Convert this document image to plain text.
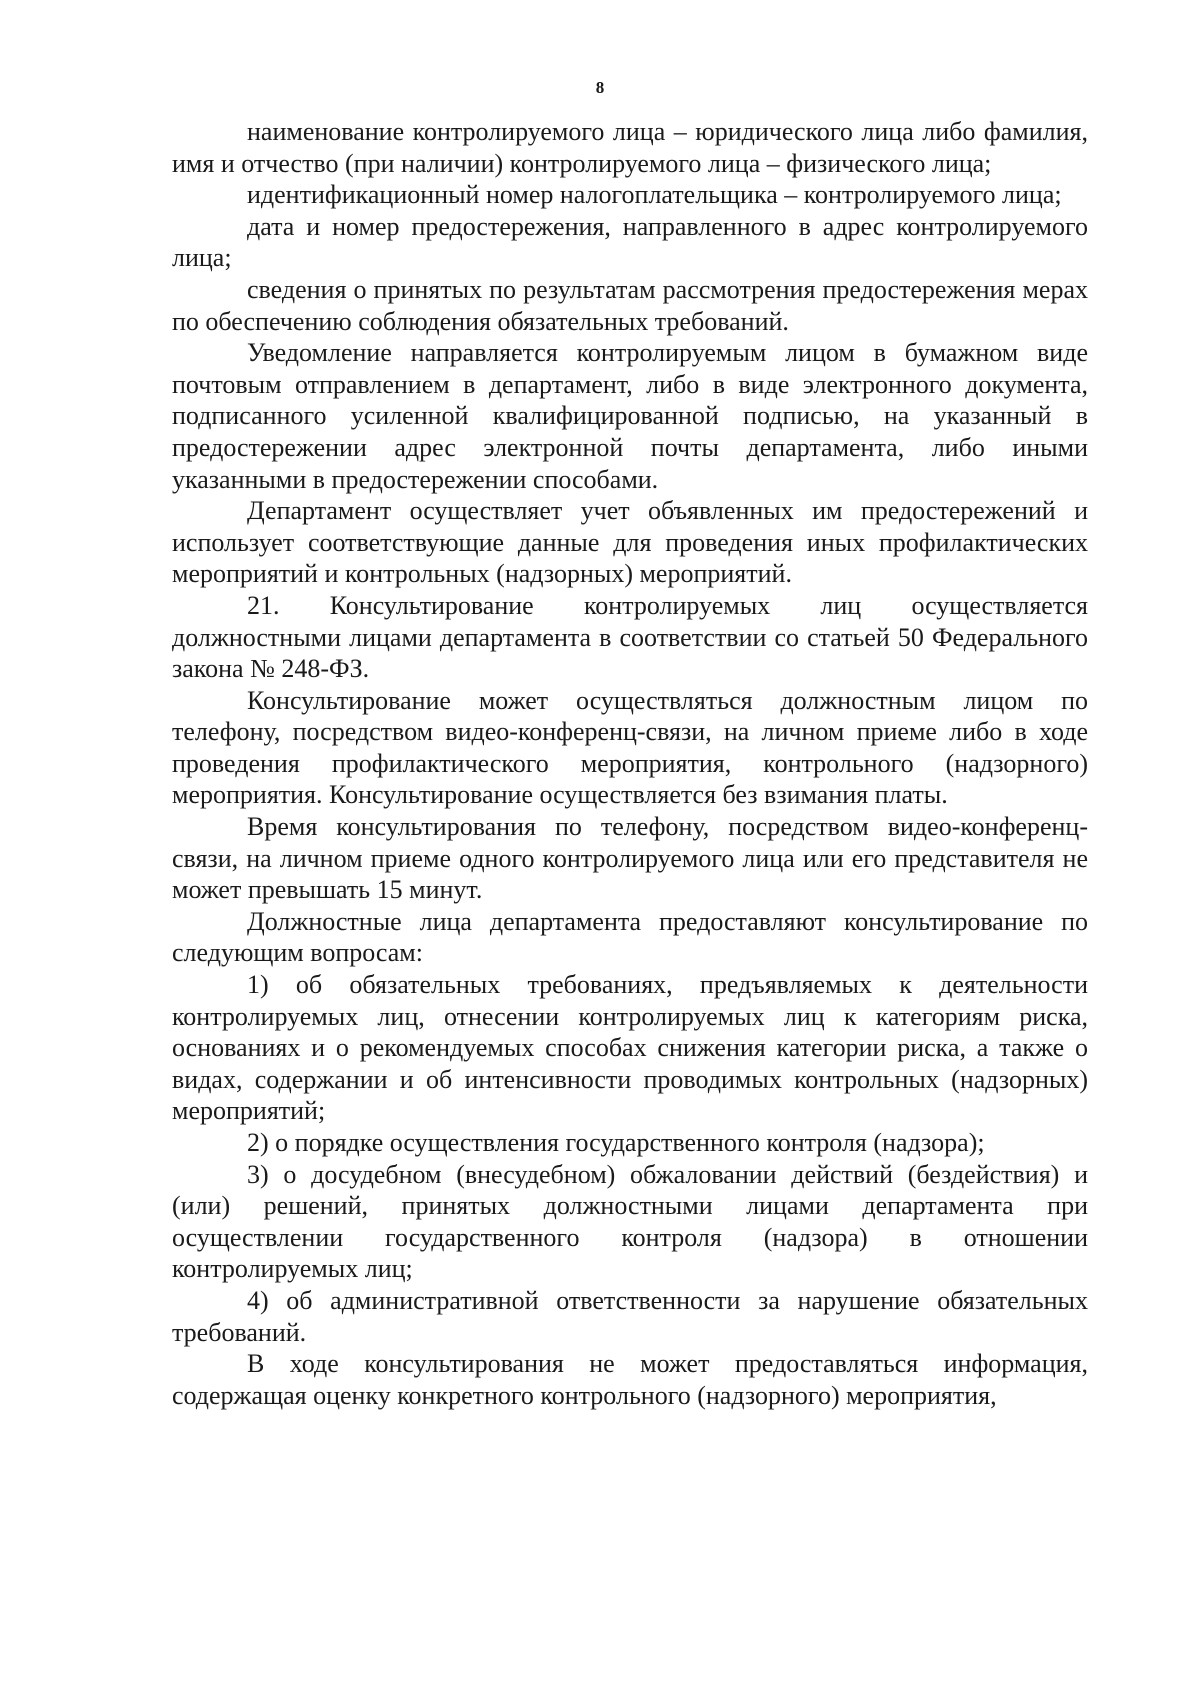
8

наименование контролируемого лица – юридического лица либо фамилия, имя и отчество (при наличии) контролируемого лица – физического лица;

идентификационный номер налогоплательщика – контролируемого лица;

дата и номер предостережения, направленного в адрес контролируемого лица;

сведения о принятых по результатам рассмотрения предостережения мерах по обеспечению соблюдения обязательных требований.

Уведомление направляется контролируемым лицом в бумажном виде почтовым отправлением в департамент, либо в виде электронного документа, подписанного усиленной квалифицированной подписью, на указанный в предостережении адрес электронной почты департамента, либо иными указанными в предостережении способами.

Департамент осуществляет учет объявленных им предостережений и использует соответствующие данные для проведения иных профилактических мероприятий и контрольных (надзорных) мероприятий.

21. Консультирование контролируемых лиц осуществляется должностными лицами департамента в соответствии со статьей 50 Федерального закона № 248-ФЗ.

Консультирование может осуществляться должностным лицом по телефону, посредством видео-конференц-связи, на личном приеме либо в ходе проведения профилактического мероприятия, контрольного (надзорного) мероприятия. Консультирование осуществляется без взимания платы.

Время консультирования по телефону, посредством видео-конференц-связи, на личном приеме одного контролируемого лица или его представителя не может превышать 15 минут.

Должностные лица департамента предоставляют консультирование по следующим вопросам:

1) об обязательных требованиях, предъявляемых к деятельности контролируемых лиц, отнесении контролируемых лиц к категориям риска, основаниях и о рекомендуемых способах снижения категории риска, а также о видах, содержании и об интенсивности проводимых контрольных (надзорных) мероприятий;

2) о порядке осуществления государственного контроля (надзора);

3) о досудебном (внесудебном) обжаловании действий (бездействия) и (или) решений, принятых должностными лицами департамента при осуществлении государственного контроля (надзора) в отношении контролируемых лиц;

4) об административной ответственности за нарушение обязательных требований.

В ходе консультирования не может предоставляться информация, содержащая оценку конкретного контрольного (надзорного) мероприятия,
